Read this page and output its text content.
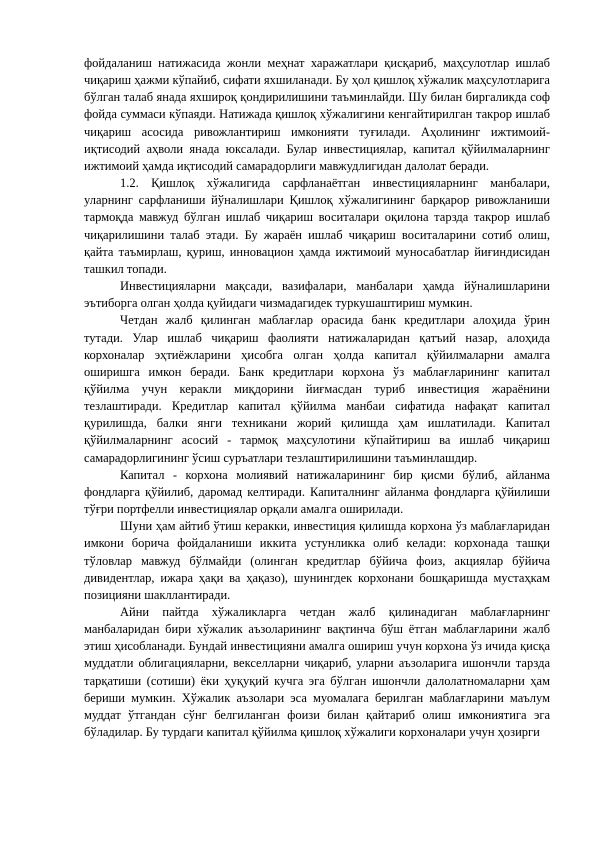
фойдаланиш натижасида жонли меҳнат харажатлари қисқариб, маҳсулотлар ишлаб чиқариш ҳажми кўпайиб, сифати яхшиланади. Бу ҳол қишлоқ хўжалик маҳсулотларига бўлган талаб янада яхшироқ қондирилишини таъминлайди. Шу билан биргаликда соф фойда суммаси кўпаяди. Натижада қишлоқ хўжалигини кенгайтирилган такрор ишлаб чиқариш асосида ривожлантириш имконияти туғилади. Аҳолининг ижтимоий-иқтисодий аҳволи янада юксалади. Булар инвестициялар, капитал қўйилмаларнинг ижтимоий ҳамда иқтисодий самарадорлиги мавжудлигидан далолат беради.

1.2. Қишлоқ хўжалигида сарфланаётган инвестицияларнинг манбалари, уларнинг сарфланиши йўналишлари Қишлоқ хўжалигининг барқарор ривожланиши тармоқда мавжуд бўлган ишлаб чиқариш воситалари оқилона тарзда такрор ишлаб чиқарилишини талаб этади. Бу жараён ишлаб чиқариш воситаларини сотиб олиш, қайта таъмирлаш, қуриш, инновацион ҳамда ижтимоий муносабатлар йиғиндисидан ташкил топади.

Инвестицияларни мақсади, вазифалари, манбалари ҳамда йўналишларини эътиборга олган ҳолда қуйидаги чизмадагидек туркушаштириш мумкин.

Четдан жалб қилинган маблағлар орасида банк кредитлари алоҳида ўрин тутади. Улар ишлаб чиқариш фаолияти натижаларидан қатъий назар, алоҳида корхоналар эҳтиёжларини ҳисобга олган ҳолда капитал қўйилмаларни амалга оширишга имкон беради. Банк кредитлари корхона ўз маблағларининг капитал қўйилма учун керакли миқдорини йиғмасдан туриб инвестиция жараёнини тезлаштиради. Кредитлар капитал қўйилма манбаи сифатида нафақат капитал қурилишда, балки янги техникани жорий қилишда ҳам ишлатилади. Капитал қўйилмаларнинг асосий - тармоқ маҳсулотини кўпайтириш ва ишлаб чиқариш самарадорлигининг ўсиш суръатлари тезлаштирилишини таъминлашдир.

Капитал - корхона молиявий натижаларининг бир қисми бўлиб, айланма фондларга қўйилиб, даромад келтиради. Капиталнинг айланма фондларга қўйилиши тўғри портфелли инвестициялар орқали амалга оширилади.

Шуни ҳам айтиб ўтиш керакки, инвестиция қилишда корхона ўз маблағларидан имкони борича фойдаланиши иккита устунликка олиб келади: корхонада ташқи тўловлар мавжуд бўлмайди (олинган кредитлар бўйича фоиз, акциялар бўйича дивидентлар, ижара ҳақи ва ҳақазо), шунингдек корхонани бошқаришда мустаҳкам позицияни шакллантиради.

Айни пайтда хўжаликларга четдан жалб қилинадиган маблағларнинг манбаларидан бири хўжалик аъзоларининг вақтинча бўш ётган маблағларини жалб этиш ҳисобланади. Бундай инвестицияни амалга ошириш учун корхона ўз ичида қисқа муддатли облигацияларни, векселларни чиқариб, уларни аъзоларига ишончли тарзда тарқатиши (сотиши) ёки ҳуқуқий кучга эга бўлган ишончли далолатномаларни ҳам бериши мумкин. Хўжалик аъзолари эса муомалага берилган маблағларини маълум муддат ўтгандан сўнг белгиланган фоизи билан қайтариб олиш имкониятига эга бўладилар. Бу турдаги капитал қўйилма қишлоқ хўжалиги корхоналари учун ҳозирги
